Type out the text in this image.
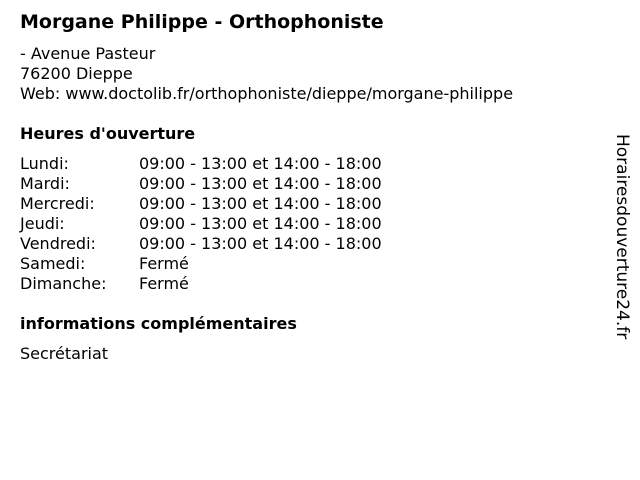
Morgane Philippe - Orthophoniste
- Avenue Pasteur
76200 Dieppe
Web: www.doctolib.fr/orthophoniste/dieppe/morgane-philippe
Heures d'ouverture
Lundi:	09:00 - 13:00 et 14:00 - 18:00
Mardi:	09:00 - 13:00 et 14:00 - 18:00
Mercredi:	09:00 - 13:00 et 14:00 - 18:00
Jeudi:	09:00 - 13:00 et 14:00 - 18:00
Vendredi:	09:00 - 13:00 et 14:00 - 18:00
Samedi:	Fermé
Dimanche:	Fermé
informations complémentaires
Secrétariat
Horairesdouverture24.fr
